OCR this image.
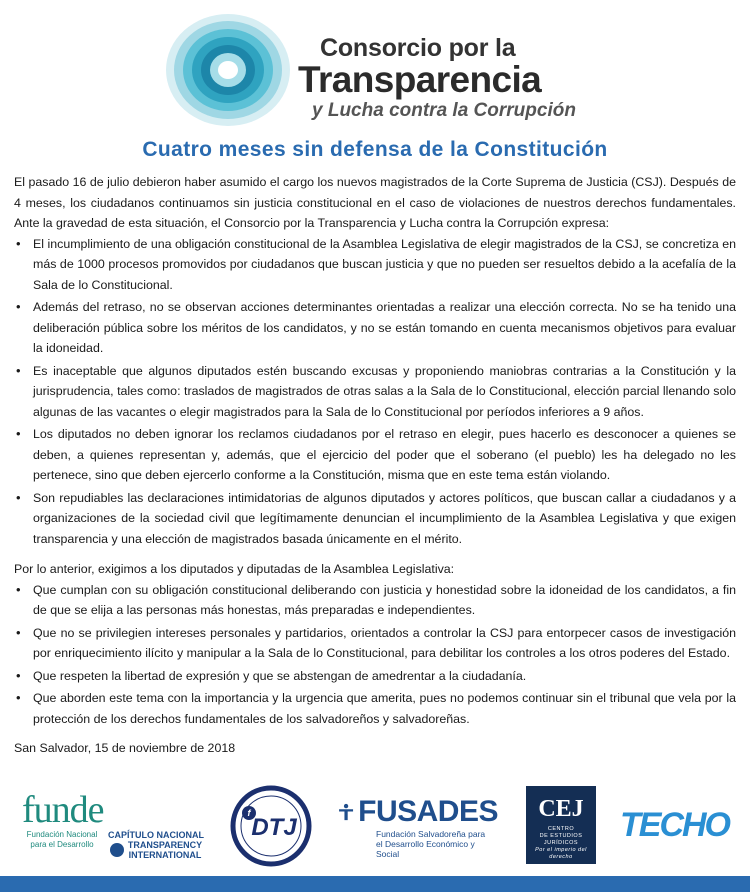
Consorcio por la
Transparencia
y Lucha contra la Corrupción
Cuatro meses sin defensa de la Constitución

El pasado 16 de julio debieron haber asumido el cargo los nuevos magistrados de la Corte Suprema de Justicia (CSJ). Después de 4 meses, los ciudadanos continuamos sin justicia constitucional en el caso de violaciones de nuestros derechos fundamentales. Ante la gravedad de esta situación, el Consorcio por la Transparencia y Lucha contra la Corrupción expresa:

• El incumplimiento de una obligación constitucional de la Asamblea Legislativa de elegir magistrados de la CSJ, se concretiza en más de 1000 procesos promovidos por ciudadanos que buscan justicia y que no pueden ser resueltos debido a la acefalía de la Sala de lo Constitucional.
• Además del retraso, no se observan acciones determinantes orientadas a realizar una elección correcta. No se ha tenido una deliberación pública sobre los méritos de los candidatos, y no se están tomando en cuenta mecanismos objetivos para evaluar la idoneidad.
• Es inaceptable que algunos diputados estén buscando excusas y proponiendo maniobras contrarias a la Constitución y la jurisprudencia, tales como: traslados de magistrados de otras salas a la Sala de lo Constitucional, elección parcial llenando solo algunas de las vacantes o elegir magistrados para la Sala de lo Constitucional por períodos inferiores a 9 años.
• Los diputados no deben ignorar los reclamos ciudadanos por el retraso en elegir, pues hacerlo es desconocer a quienes se deben, a quienes representan y, además, que el ejercicio del poder que el soberano (el pueblo) les ha delegado no les pertenece, sino que deben ejercerlo conforme a la Constitución, misma que en este tema están violando.
• Son repudiables las declaraciones intimidatorias de algunos diputados y actores políticos, que buscan callar a ciudadanos y a organizaciones de la sociedad civil que legítimamente denuncian el incumplimiento de la Asamblea Legislativa y que exigen transparencia y una elección de magistrados basada únicamente en el mérito.

Por lo anterior, exigimos a los diputados y diputadas de la Asamblea Legislativa:

• Que cumplan con su obligación constitucional deliberando con justicia y honestidad sobre la idoneidad de los candidatos, a fin de que se elija a las personas más honestas, más preparadas e independientes.
• Que no se privilegien intereses personales y partidarios, orientados a controlar la CSJ para entorpecer casos de investigación por enriquecimiento ilícito y manipular a la Sala de lo Constitucional, para debilitar los controles a los otros poderes del Estado.
• Que respeten la libertad de expresión y que se abstengan de amedrentar a la ciudadanía.
• Que aborden este tema con la importancia y la urgencia que amerita, pues no podemos continuar sin el tribunal que vela por la protección de los derechos fundamentales de los salvadoreños y salvadoreñas.

San Salvador, 15 de noviembre de 2018

funde
Fundación Nacional
para el Desarrollo
CAPÍTULO NACIONAL
TRANSPARENCY
INTERNATIONAL
f
DTJ FUSADES
Fundación Salvadoreña para
el Desarrollo Económico y Social
CEJ
CENTRO
DE ESTUDIOS
JURÍDICOS
Por el imperio del derecho
TECHO
